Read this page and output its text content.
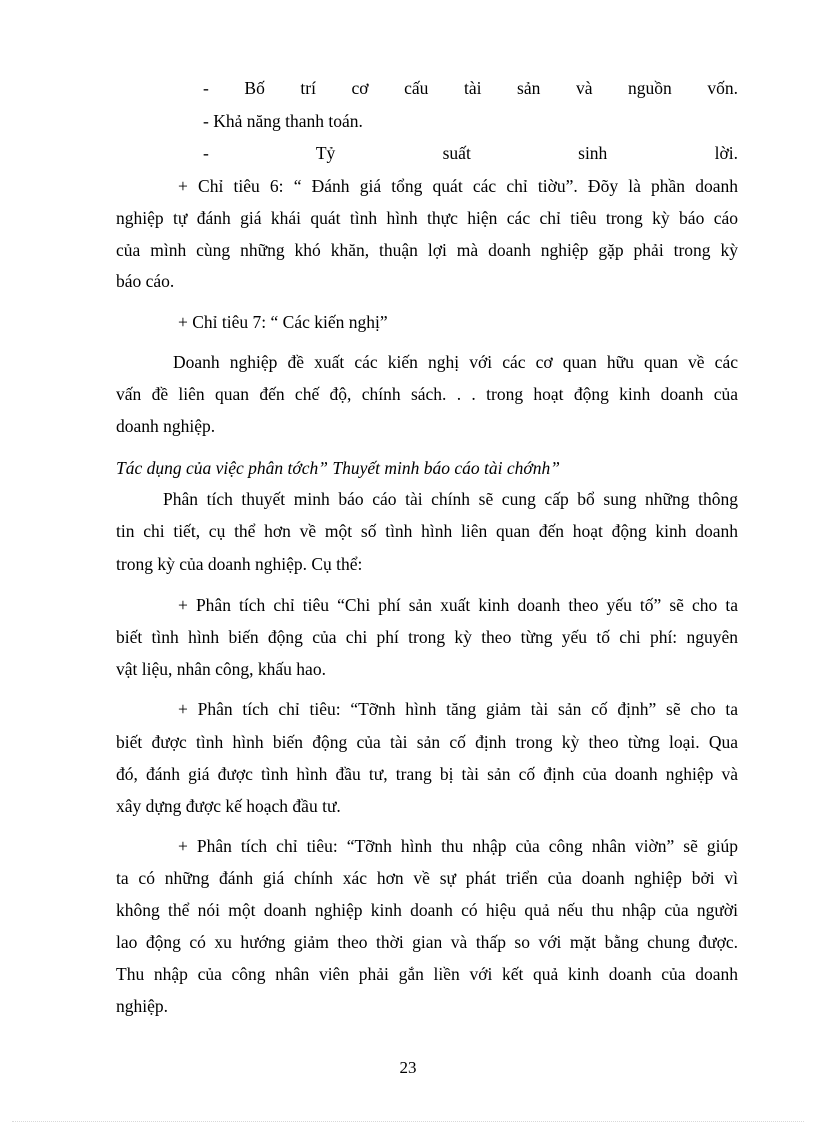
- Bố trí cơ cấu tài sản và nguồn vốn.
- Khả năng thanh toán.
- Tỷ suất sinh lời.
+ Chỉ tiêu 6: “ Đánh giá tổng quát các chỉ tiờu”. Đõy là phần doanh
nghiệp tự đánh giá khái quát tình hình thực hiện các chỉ tiêu trong kỳ báo cáo
của mình cùng những khó khăn, thuận lợi mà doanh nghiệp gặp phải trong kỳ
báo cáo.
+ Chỉ tiêu 7: “ Các kiến nghị”
Doanh nghiệp đề xuất các kiến nghị với các cơ quan hữu quan về các
vấn đề liên quan đến chế độ, chính sách. . . trong hoạt động kinh doanh của
doanh nghiệp.
Tác dụng của việc phân tớch” Thuyết minh báo cáo tài chớnh”
Phân tích thuyết minh báo cáo tài chính sẽ cung cấp bổ sung những thông
tin chi tiết, cụ thể hơn về một số tình hình liên quan đến hoạt động kinh doanh
trong kỳ của doanh nghiệp. Cụ thể:
+ Phân tích chỉ tiêu “Chi phí sản xuất kinh doanh theo yếu tố” sẽ cho ta
biết tình hình biến động của chi phí trong kỳ theo từng yếu tố chi phí: nguyên
vật liệu, nhân công, khấu hao.
+ Phân tích chỉ tiêu: “Tỡnh hình tăng giảm tài sản cố định” sẽ cho ta
biết được tình hình biến động của tài sản cố định trong kỳ theo từng loại. Qua
đó, đánh giá được tình hình đầu tư, trang bị tài sản cố định của doanh nghiệp và
xây dựng được kế hoạch đầu tư.
+ Phân tích chỉ tiêu: “Tỡnh hình thu nhập của công nhân viờn” sẽ giúp
ta có những đánh giá chính xác hơn về sự phát triển của doanh nghiệp bởi vì
không thể nói một doanh nghiệp kinh doanh có hiệu quả nếu thu nhập của người
lao động có xu hướng giảm theo thời gian và thấp so với mặt bằng chung được.
Thu nhập của công nhân viên phải gắn liền với kết quả kinh doanh của doanh
nghiệp.
23
